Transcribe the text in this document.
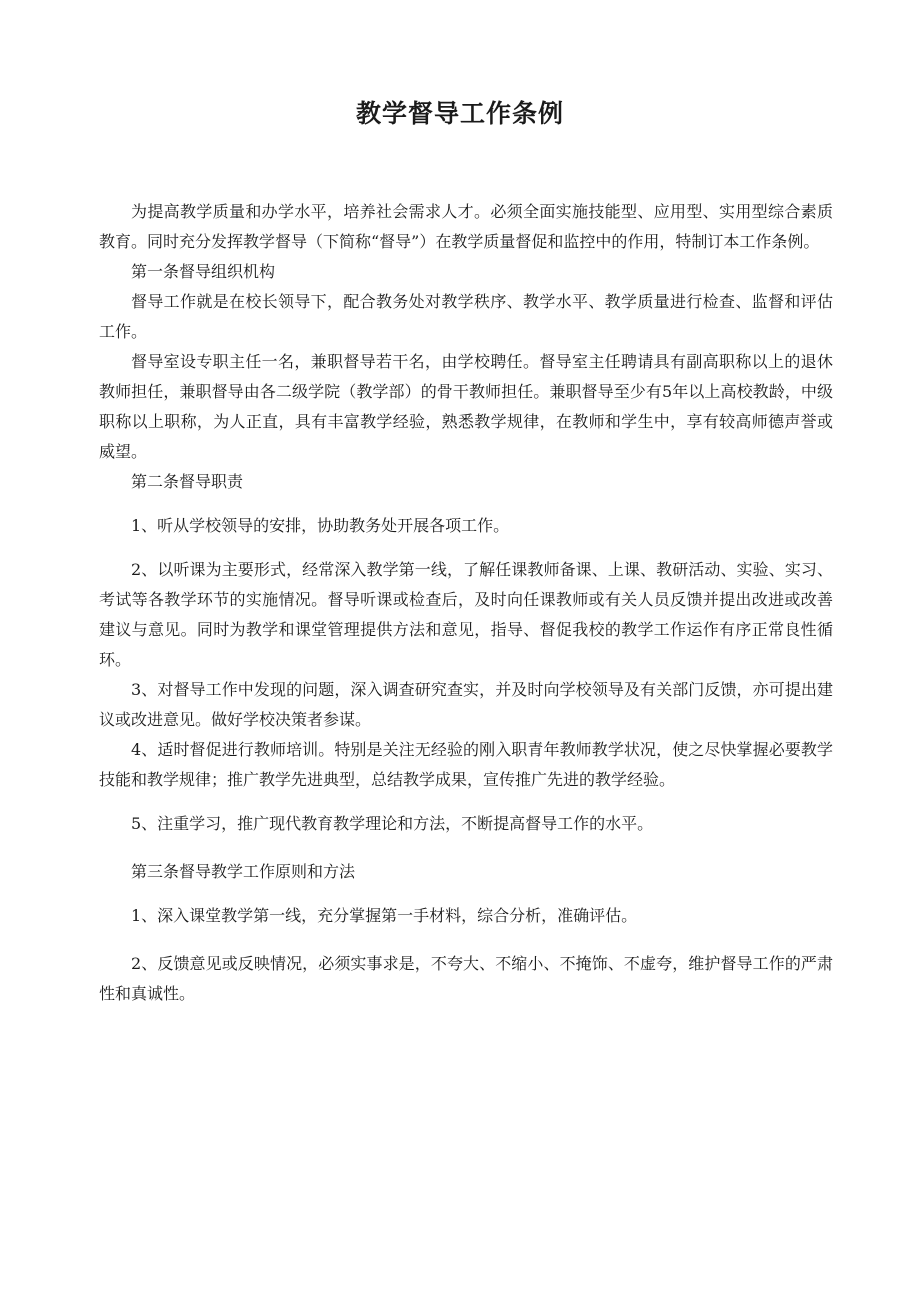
教学督导工作条例

为提高教学质量和办学水平，培养社会需求人才。必须全面实施技能型、应用型、实用型综合素质教育。同时充分发挥教学督导（下简称“督导”）在教学质量督促和监控中的作用，特制订本工作条例。

第一条督导组织机构

督导工作就是在校长领导下，配合教务处对教学秩序、教学水平、教学质量进行检查、监督和评估工作。

督导室设专职主任一名，兼职督导若干名，由学校聘任。督导室主任聘请具有副高职称以上的退休教师担任，兼职督导由各二级学院（教学部）的骨干教师担任。兼职督导至少有5年以上高校教龄，中级职称以上职称，为人正直，具有丰富教学经验，熟悉教学规律，在教师和学生中，享有较高师德声誉或威望。

第二条督导职责

1、听从学校领导的安排，协助教务处开展各项工作。

2、以听课为主要形式，经常深入教学第一线，了解任课教师备课、上课、教研活动、实验、实习、考试等各教学环节的实施情况。督导听课或检查后，及时向任课教师或有关人员反馈并提出改进或改善建议与意见。同时为教学和课堂管理提供方法和意见，指导、督促我校的教学工作运作有序正常良性循环。

3、对督导工作中发现的问题，深入调查研究查实，并及时向学校领导及有关部门反馈，亦可提出建议或改进意见。做好学校决策者参谋。

4、适时督促进行教师培训。特别是关注无经验的刚入职青年教师教学状况，使之尽快掌握必要教学技能和教学规律；推广教学先进典型，总结教学成果，宣传推广先进的教学经验。

5、注重学习，推广现代教育教学理论和方法，不断提高督导工作的水平。

第三条督导教学工作原则和方法

1、深入课堂教学第一线，充分掌握第一手材料，综合分析，准确评估。

2、反馈意见或反映情况，必须实事求是，不夸大、不缩小、不掩饰、不虚夸，维护督导工作的严肃性和真诚性。
